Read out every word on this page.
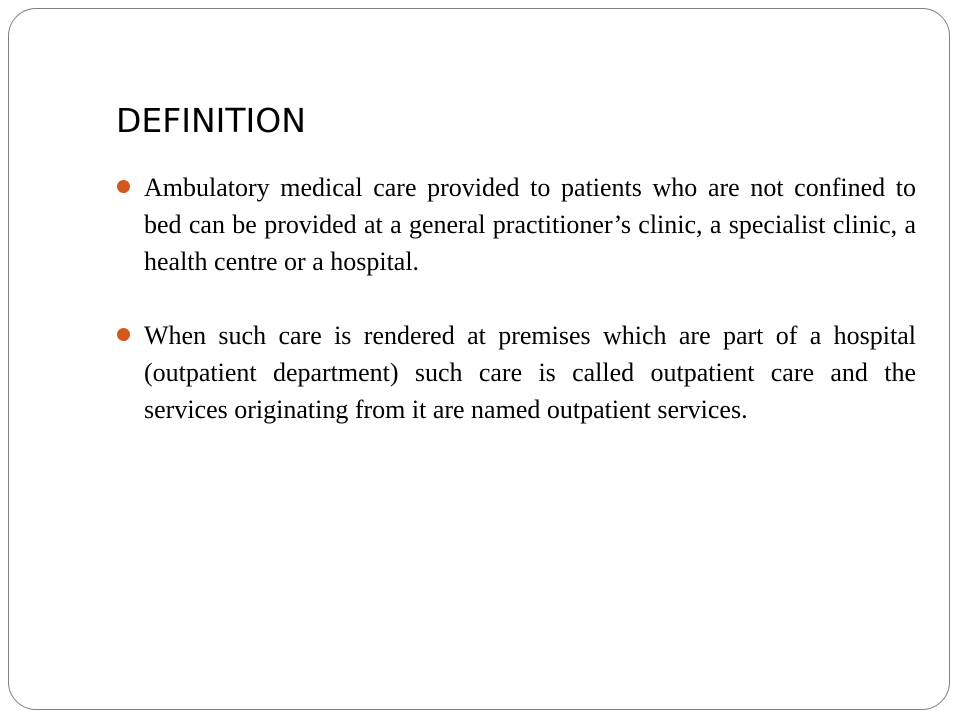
DEFINITION
Ambulatory medical care provided to patients who are not confined to bed can be provided at a general practitioner’s clinic, a specialist clinic, a health centre or a hospital.
When such care is rendered at premises which are part of a hospital (outpatient department) such care is called outpatient care and the services originating from it are named outpatient services.
